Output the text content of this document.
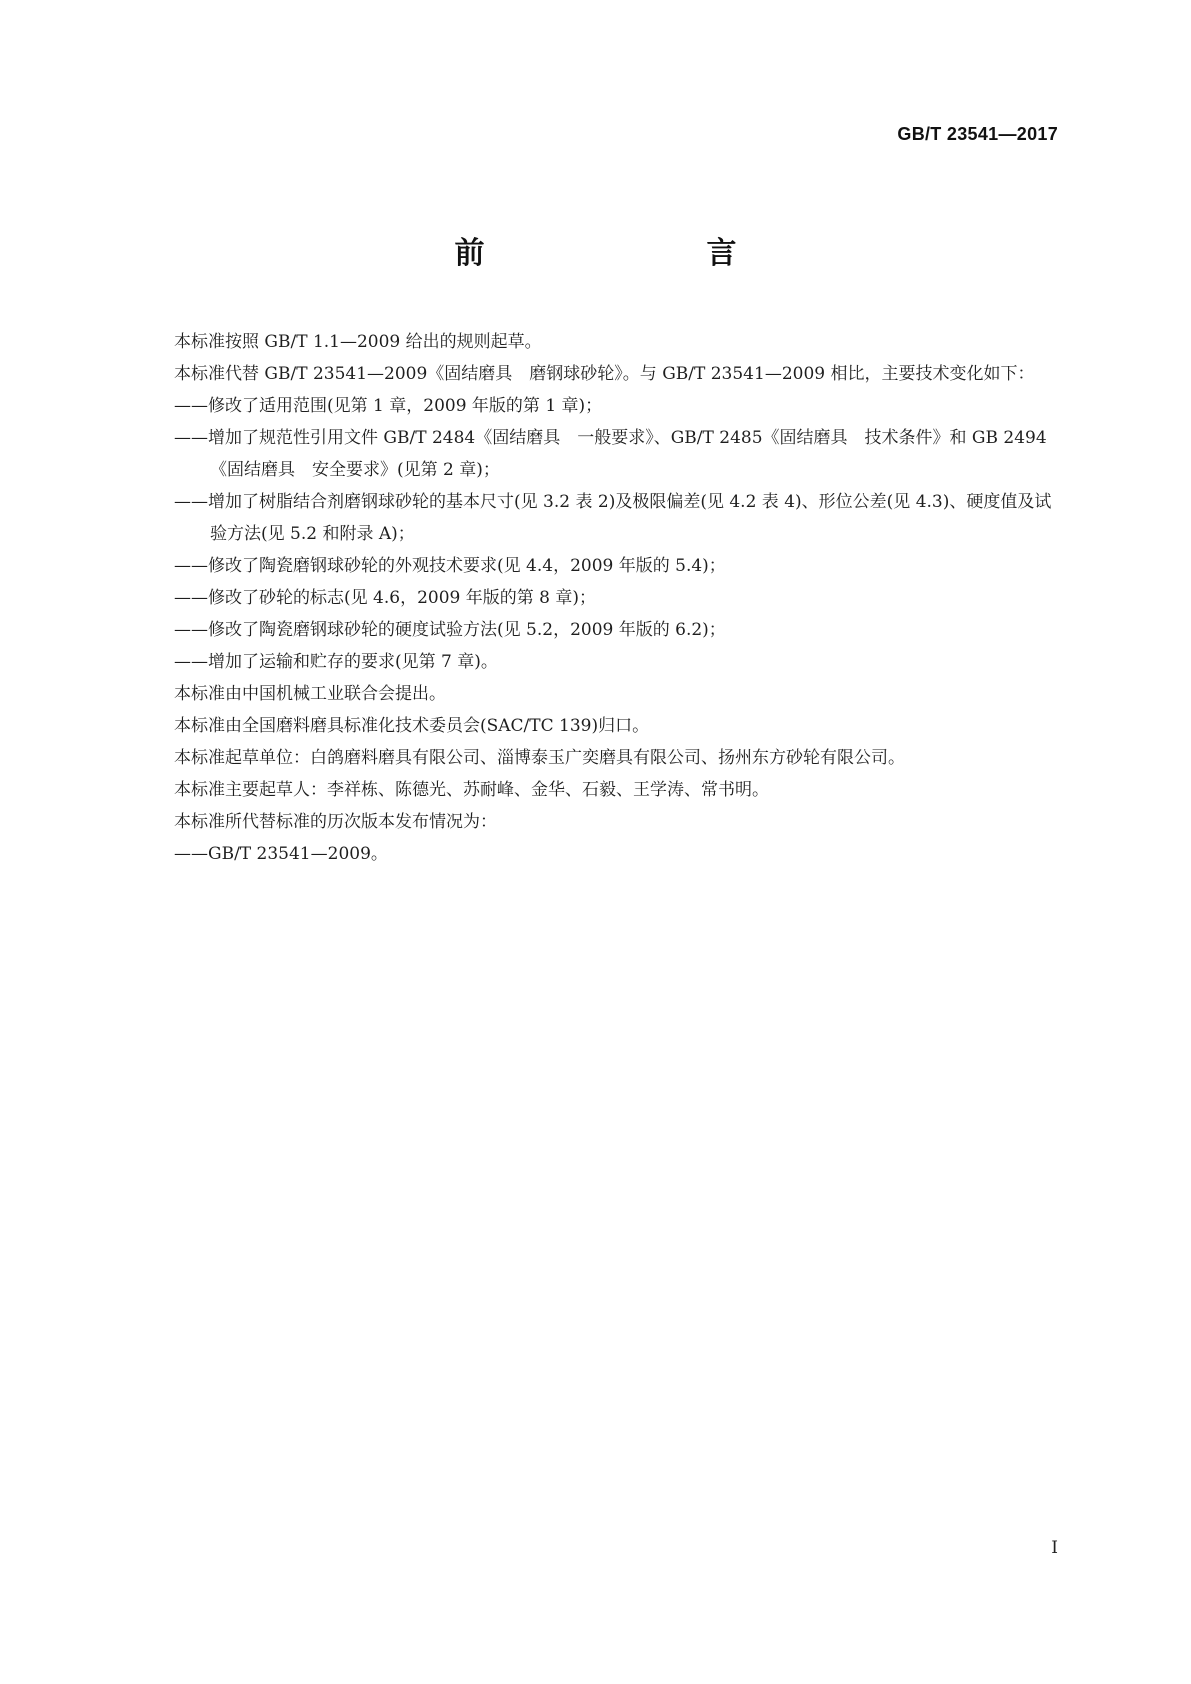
GB/T 23541—2017
前　　言

本标准按照 GB/T 1.1—2009 给出的规则起草。

本标准代替 GB/T 23541—2009《固结磨具　磨钢球砂轮》。与 GB/T 23541—2009 相比，主要技术变化如下：

——修改了适用范围(见第 1 章，2009 年版的第 1 章)；

——增加了规范性引用文件 GB/T 2484《固结磨具　一般要求》、GB/T 2485《固结磨具　技术条件》和 GB 2494《固结磨具　安全要求》(见第 2 章)；

——增加了树脂结合剂磨钢球砂轮的基本尺寸(见 3.2 表 2)及极限偏差(见 4.2 表 4)、形位公差(见 4.3)、硬度值及试验方法(见 5.2 和附录 A)；

——修改了陶瓷磨钢球砂轮的外观技术要求(见 4.4，2009 年版的 5.4)；

——修改了砂轮的标志(见 4.6，2009 年版的第 8 章)；

——修改了陶瓷磨钢球砂轮的硬度试验方法(见 5.2，2009 年版的 6.2)；

——增加了运输和贮存的要求(见第 7 章)。

本标准由中国机械工业联合会提出。

本标准由全国磨料磨具标准化技术委员会(SAC/TC 139)归口。

本标准起草单位：白鸽磨料磨具有限公司、淄博泰玉广奕磨具有限公司、扬州东方砂轮有限公司。

本标准主要起草人：李祥栋、陈德光、苏耐峰、金华、石毅、王学涛、常书明。

本标准所代替标准的历次版本发布情况为：

——GB/T 23541—2009。

I
